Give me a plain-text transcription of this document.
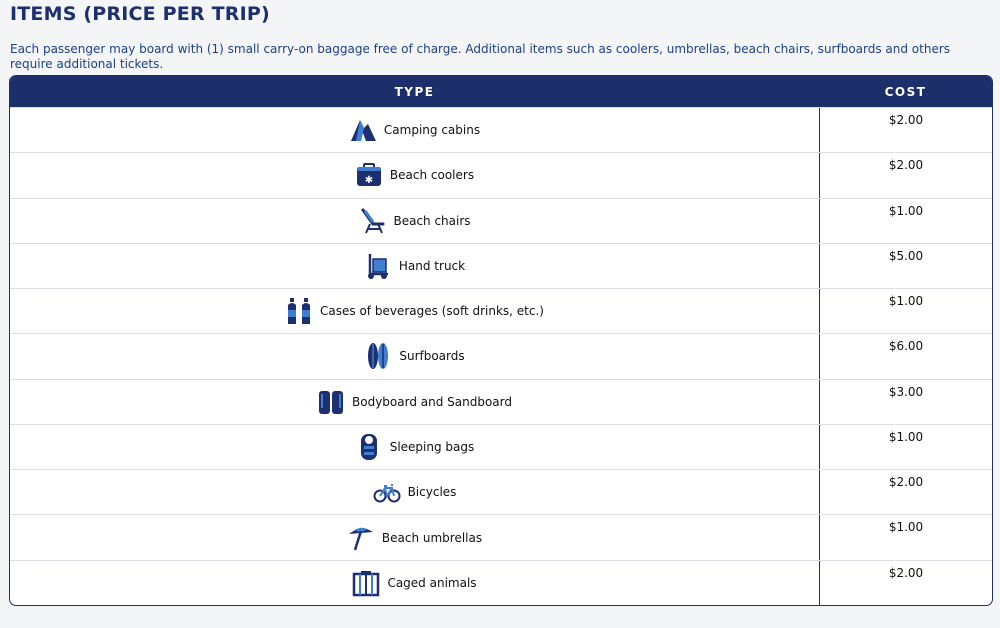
ITEMS (PRICE PER TRIP)

Each passenger may board with (1) small carry-on baggage free of charge. Additional items such as coolers, umbrellas, beach chairs, surfboards and others require additional tickets.

TYPE	COST
Camping cabins
$2.00
✱ Beach coolers
$2.00
Beach chairs
$1.00
Hand truck
$5.00
Cases of beverages (soft drinks, etc.)
$1.00
Surfboards
$6.00
Bodyboard and Sandboard
$3.00
Sleeping bags
$1.00
Bicycles
$2.00
Beach umbrellas
$1.00
Caged animals
$2.00
